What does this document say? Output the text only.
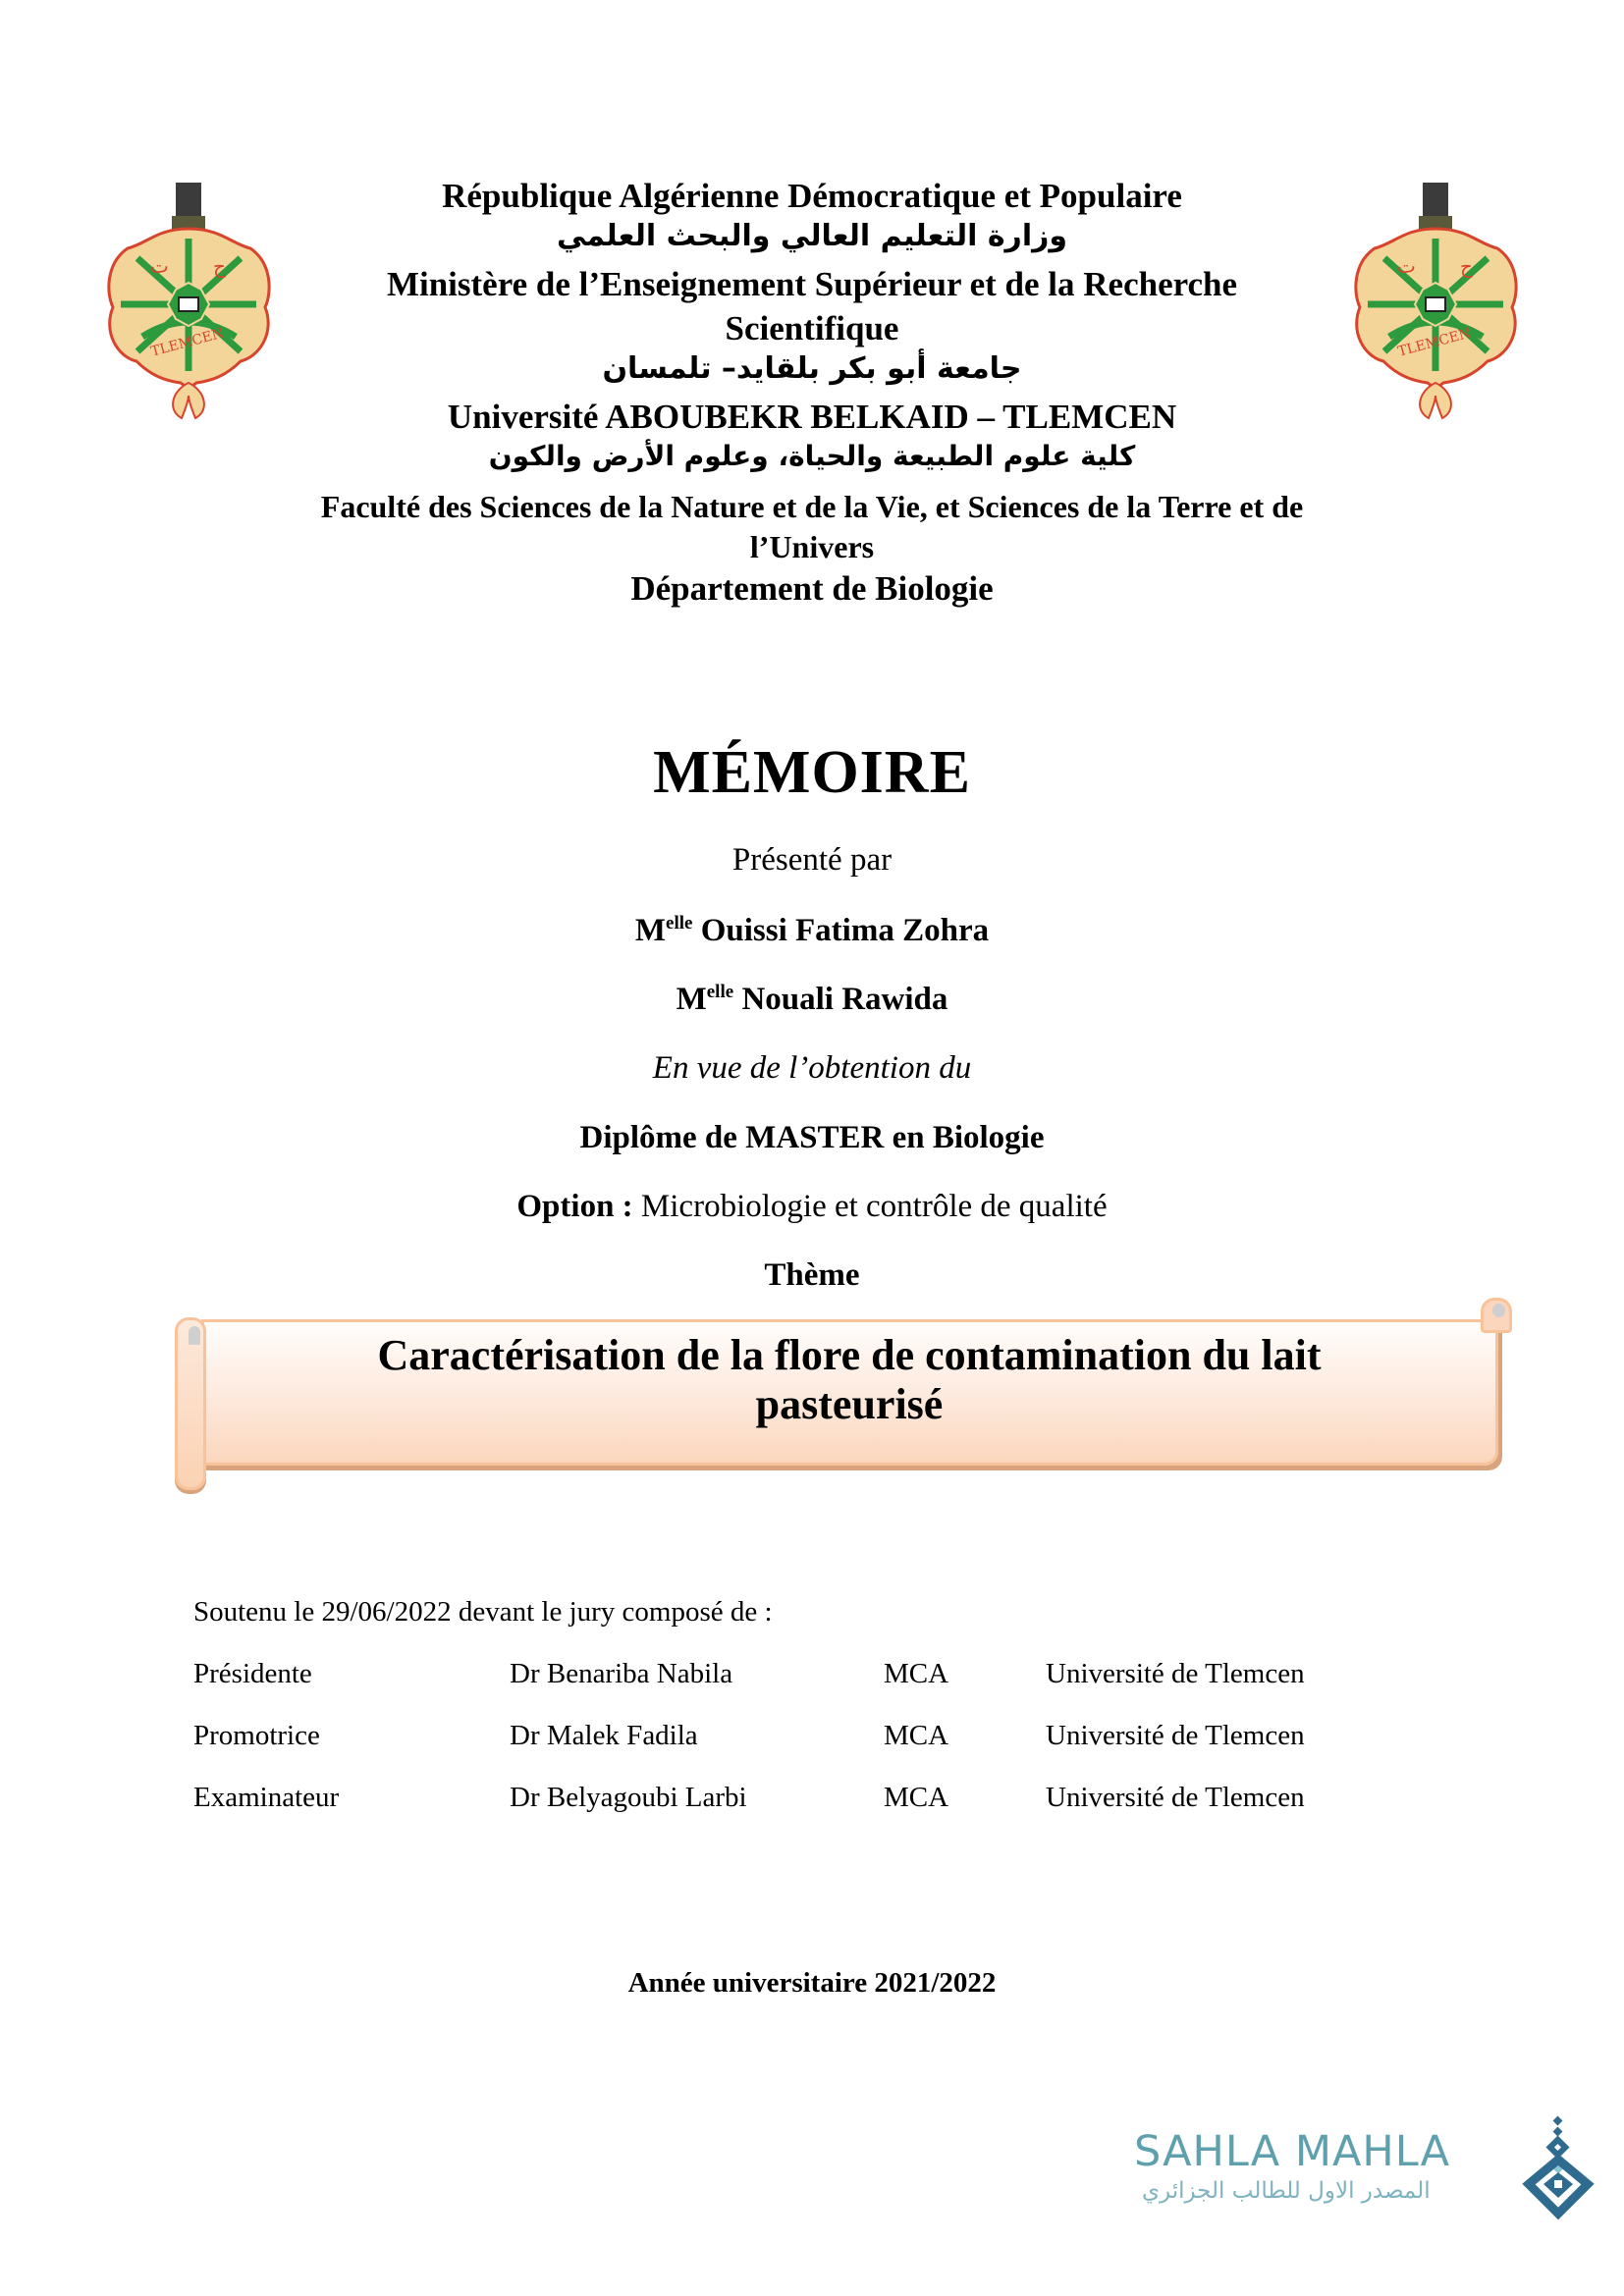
TLEMCEN
ت ج
TLEMCEN
ت ج
République Algérienne Démocratique et Populaire
وزارة التعليم العالي والبحث العلمي
Ministère de l’Enseignement Supérieur et de la Recherche
Scientifique
جامعة أبو بكر بلقايد– تلمسان
Université ABOUBEKR BELKAID – TLEMCEN
كلية علوم الطبيعة والحياة، وعلوم الأرض والكون
Faculté des Sciences de la Nature et de la Vie, et Sciences de la Terre et de
l’Univers
Département de Biologie
MÉMOIRE
Présenté par
$M^{elle}$ Ouissi Fatima Zohra
$M^{elle}$ Nouali Rawida
En vue de l’obtention du
Diplôme de MASTER en Biologie
Option : Microbiologie et contrôle de qualité
Thème
Caractérisation de la flore de contamination du lait
pasteurisé
Soutenu le 29/06/2022 devant le jury composé de :
Présidente	Dr Benariba Nabila	MCA	Université de Tlemcen
Promotrice	Dr Malek Fadila	MCA	Université de Tlemcen
Examinateur	Dr Belyagoubi Larbi	MCA	Université de Tlemcen
Année universitaire 2021/2022
SAHLA MAHLA
المصدر الاول للطالب الجزائري
